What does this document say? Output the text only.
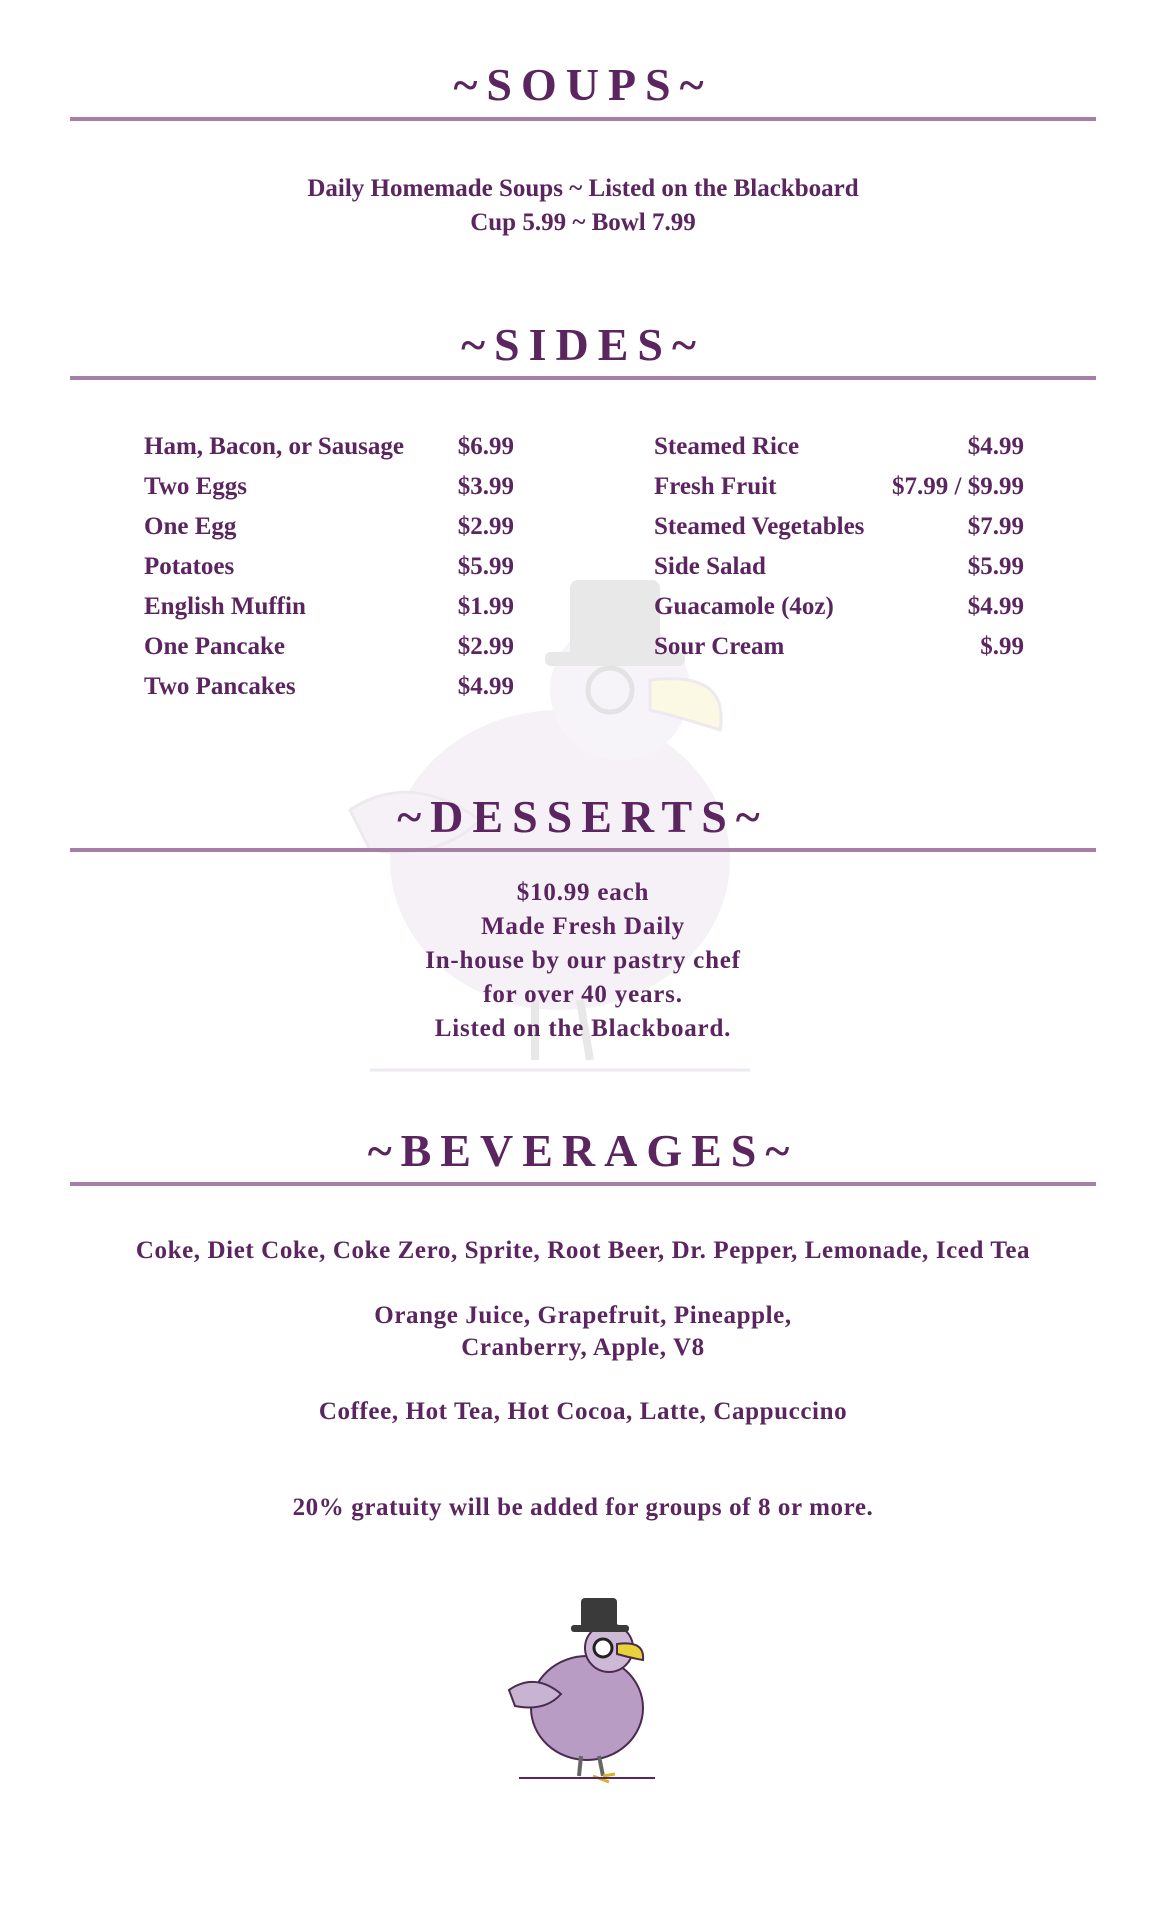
~SOUPS~
Daily Homemade Soups ~ Listed on the Blackboard
Cup 5.99 ~ Bowl 7.99
~SIDES~
Ham, Bacon, or Sausage $6.99
Two Eggs	$3.99
One Egg	$2.99
Potatoes	$5.99
English Muffin	$1.99
One Pancake	$2.99
Two Pancakes	$4.99
Steamed Rice	$4.99
Fresh Fruit	$7.99 / $9.99
Steamed Vegetables	$7.99
Side Salad	$5.99
Guacamole (4oz)	$4.99
Sour Cream	$.99
~DESSERTS~
$10.99 each
Made Fresh Daily
In-house by our pastry chef
for over 40 years.
Listed on the Blackboard.
~BEVERAGES~
Coke, Diet Coke, Coke Zero, Sprite, Root Beer, Dr. Pepper, Lemonade, Iced Tea
Orange Juice, Grapefruit, Pineapple,
Cranberry, Apple, V8
Coffee, Hot Tea, Hot Cocoa, Latte, Cappuccino
20% gratuity will be added for groups of 8 or more.
